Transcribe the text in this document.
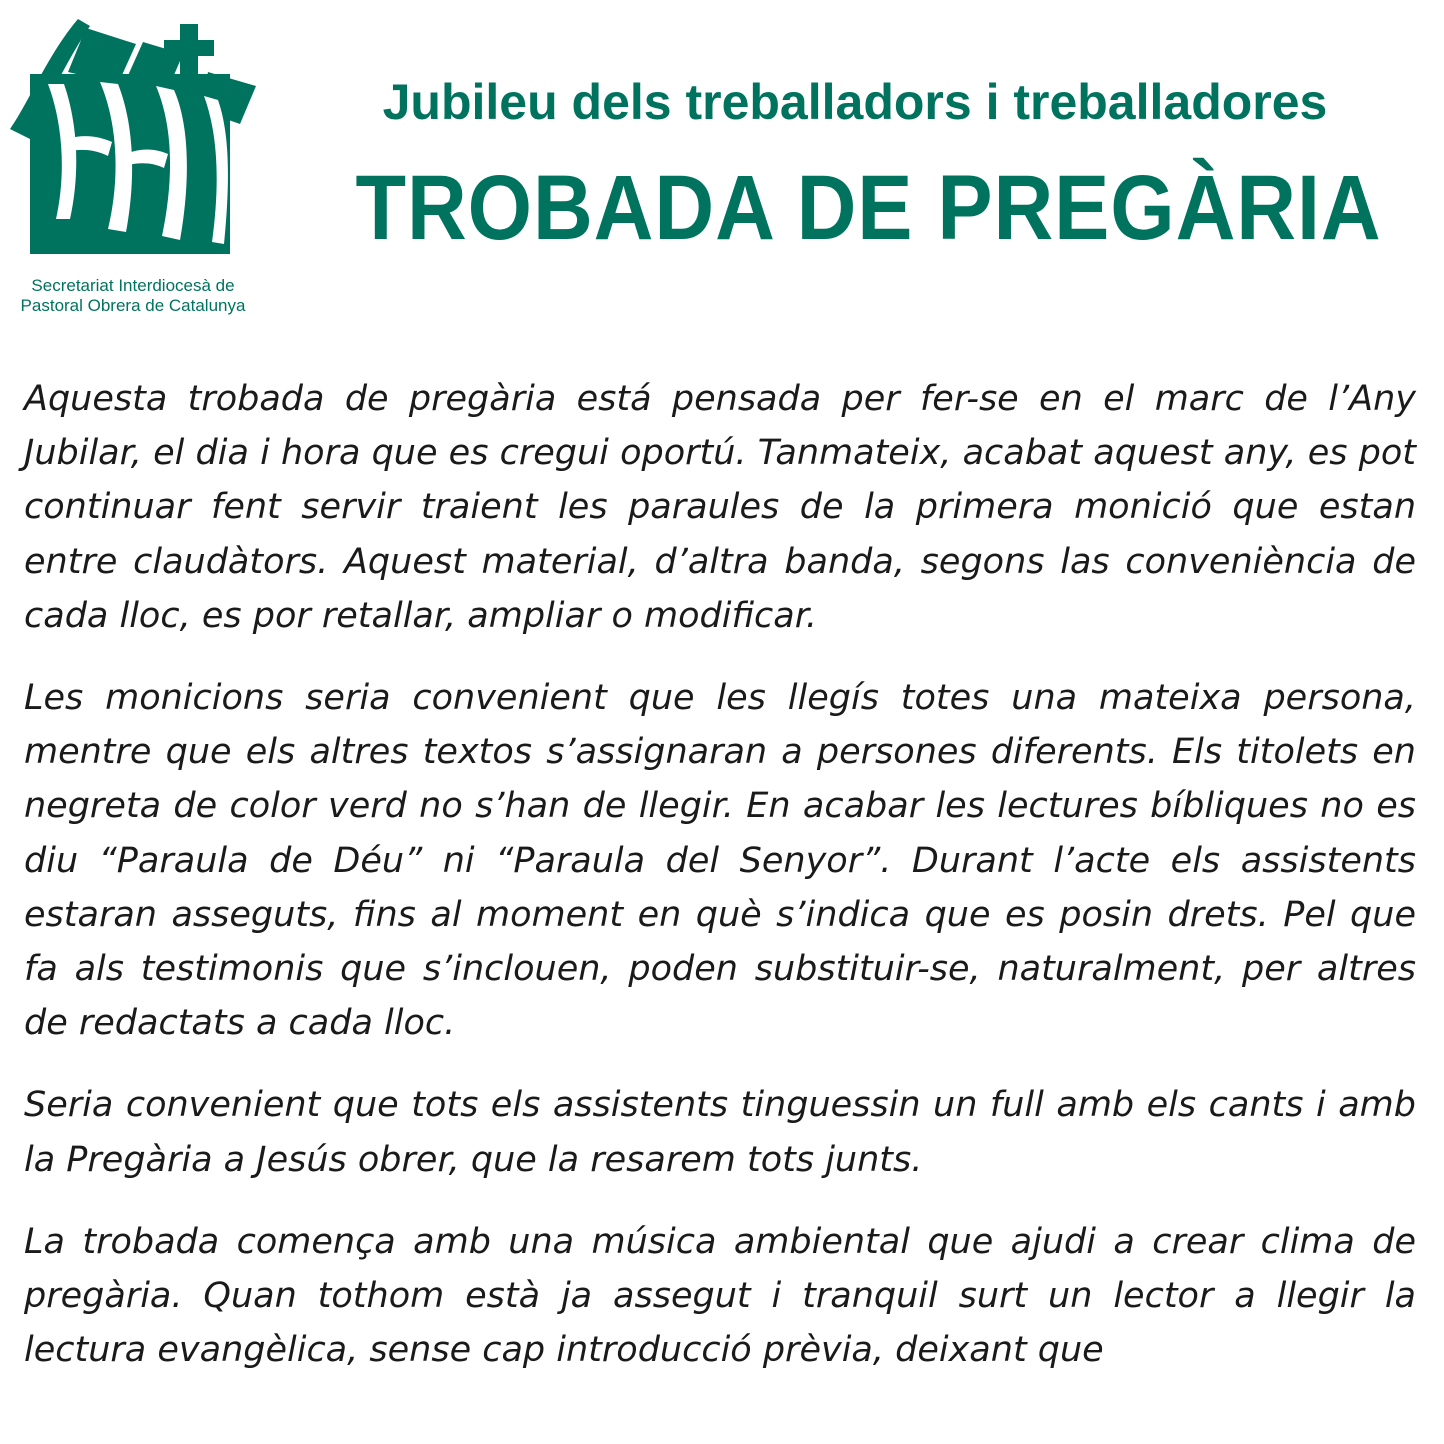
Secretariat Interdiocesà de
Pastoral Obrera de Catalunya
Jubileu dels treballadors i treballadores
TROBADA DE PREGÀRIA

Aquesta trobada de pregària está pensada per fer-se en el marc de l’Any Jubilar, el dia i hora que es cregui oportú. Tanmateix, acabat aquest any, es pot continuar fent servir traient les paraules de la primera monició que estan entre claudàtors. Aquest material, d’altra banda, segons las conveniència de cada lloc, es por retallar, ampliar o modificar.

Les monicions seria convenient que les llegís totes una mateixa persona, mentre que els altres textos s’assignaran a persones diferents. Els titolets en negreta de color verd no s’han de llegir. En acabar les lectures bíbliques no es diu “Paraula de Déu” ni “Paraula del Senyor”. Durant l’acte els assistents estaran asseguts, fins al moment en què s’indica que es posin drets. Pel que fa als testimonis que s’inclouen, poden substituir-se, naturalment, per altres de redactats a cada lloc.

Seria convenient que tots els assistents tinguessin un full amb els cants i amb la Pregària a Jesús obrer, que la resarem tots junts.

La trobada comença amb una música ambiental que ajudi a crear clima de pregària. Quan tothom està ja assegut i tranquil surt un lector a llegir la lectura evangèlica, sense cap introducció prèvia, deixant que
